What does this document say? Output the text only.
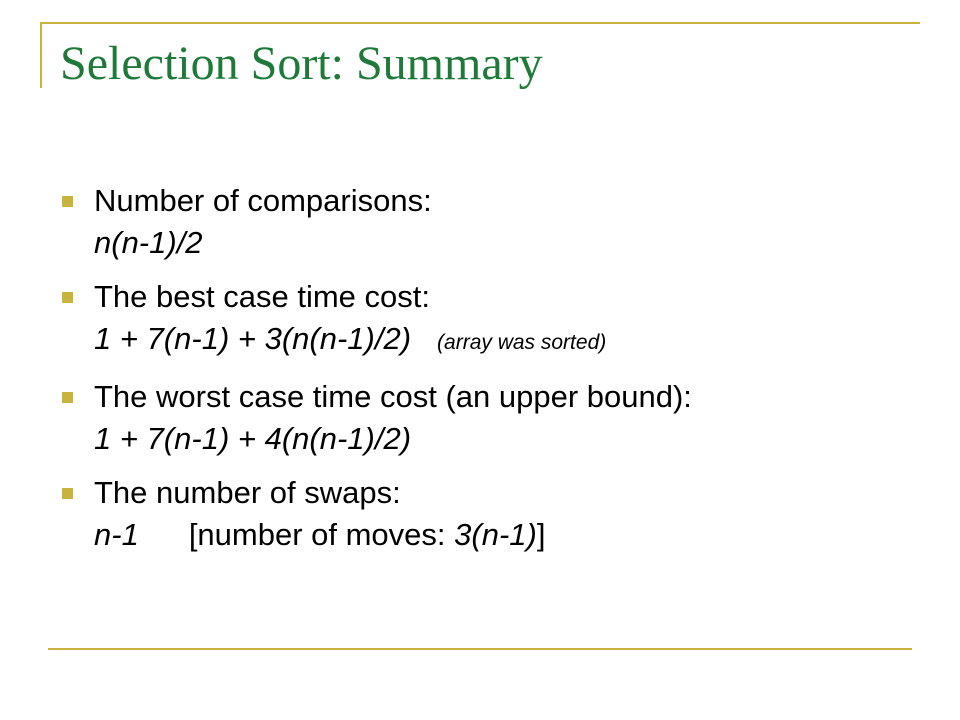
Selection Sort: Summary
Number of comparisons:
n(n-1)/2
The best case time cost:
1 + 7(n-1) + 3(n(n-1)/2) (array was sorted)
The worst case time cost (an upper bound):
1 + 7(n-1) + 4(n(n-1)/2)
The number of swaps:
n-1 [number of moves: 3(n-1)]
